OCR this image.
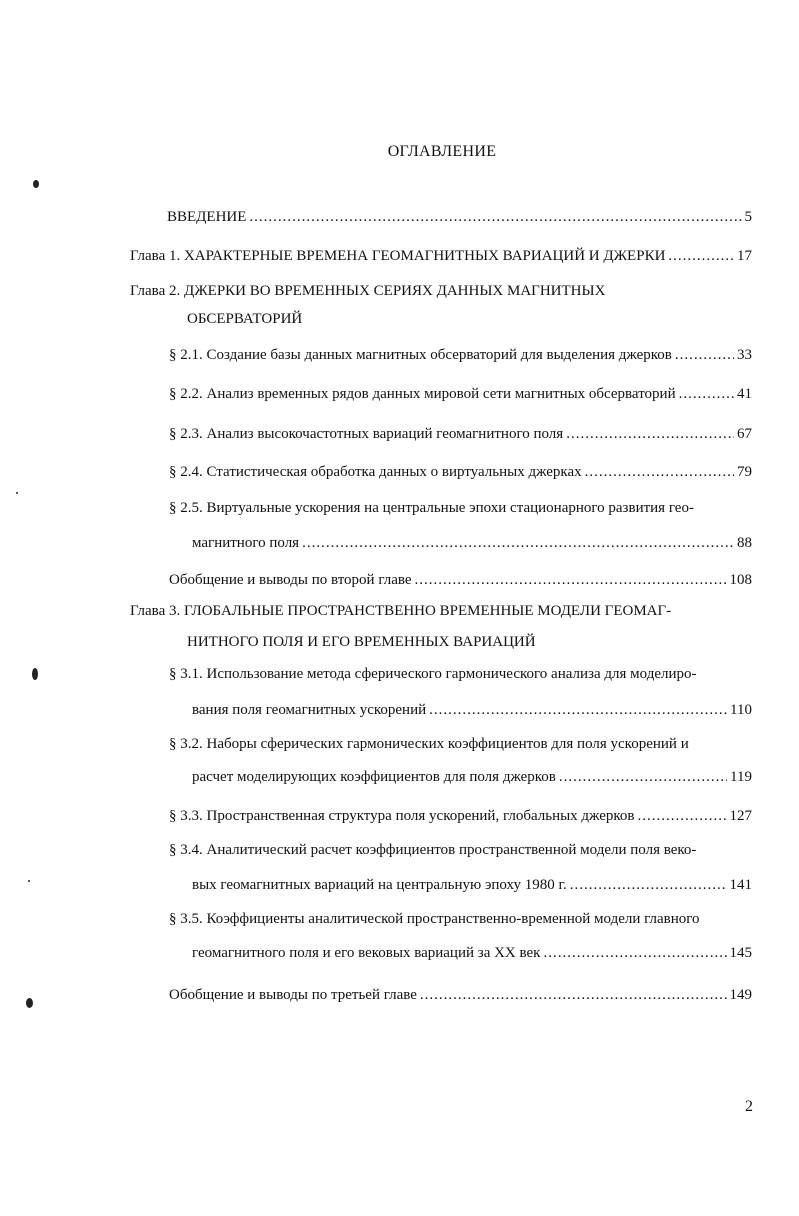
ОГЛАВЛЕНИЕ
ВВЕДЕНИЕ .....	5
Глава 1. ХАРАКТЕРНЫЕ ВРЕМЕНА ГЕОМАГНИТНЫХ ВАРИАЦИЙ И ДЖЕРКИ .....	17
Глава 2. ДЖЕРКИ ВО ВРЕМЕННЫХ СЕРИЯХ ДАННЫХ МАГНИТНЫХ
ОБСЕРВАТОРИЙ
§ 2.1. Создание базы данных магнитных обсерваторий для выделения джерков .....	33
§ 2.2. Анализ временных рядов данных мировой сети магнитных обсерваторий .....	41
§ 2.3. Анализ высокочастотных вариаций геомагнитного поля .....	67
§ 2.4. Статистическая обработка данных о виртуальных джерках .....	79
§ 2.5. Виртуальные ускорения на центральные эпохи стационарного развития гео-
магнитного поля .....	88
Обобщение и выводы по второй главе .....	108
Глава 3. ГЛОБАЛЬНЫЕ ПРОСТРАНСТВЕННО ВРЕМЕННЫЕ МОДЕЛИ ГЕОМАГ-
НИТНОГО ПОЛЯ И ЕГО ВРЕМЕННЫХ ВАРИАЦИЙ
§ 3.1. Использование метода сферического гармонического анализа для моделиро-
вания поля геомагнитных ускорений .....	110
§ 3.2. Наборы сферических гармонических коэффициентов для поля ускорений и
расчет моделирующих коэффициентов для поля джерков .....	119
§ 3.3. Пространственная структура поля ускорений, глобальных джерков .....	127
§ 3.4. Аналитический расчет коэффициентов пространственной модели поля веко-
вых геомагнитных вариаций на центральную эпоху 1980 г. .....	141
§ 3.5. Коэффициенты аналитической пространственно-временной модели главного
геомагнитного поля и его вековых вариаций за XX век .....	145
Обобщение и выводы по третьей главе .....	149
2
